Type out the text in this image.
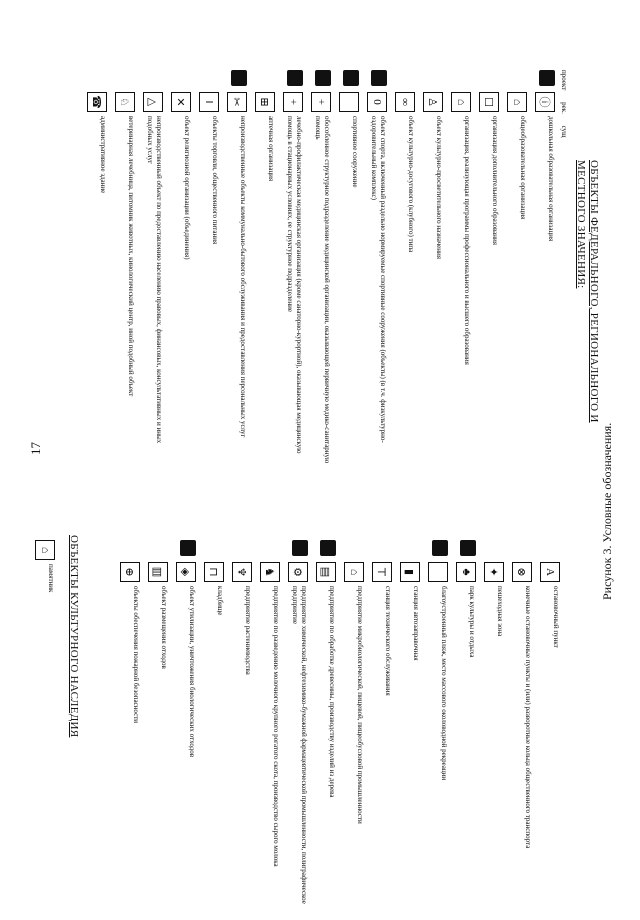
17	Рисунок 3. Условные обозначения.
ОБЪЕКТЫ ФЕДЕРАЛЬНОГО, РЕГИОНАЛЬНОГО И МЕСТНОГО ЗНАЧЕНИЯ:
проект рек. сущ
ⓘ
дошкольная образовательная организация
⌂
общеобразовательная организация
☐
организация дополнительного образования
⌂
организация, реализующая программы профессионального и высшего образования
♙
объект культурно-просветительного назначения
∞
объект культурно-досугового (клубного) типа
0
объект спорта, включенный раздельно нормируемые спортивные сооружения (объекты) (в т.ч. физкультурно-оздоровительный комплекс)
спортивное сооружение
+
обособленное структурное подразделение медицинской организации, оказывающей первичную медико-санитарную помощь
+
лечебно-профилактическая медицинская организация (кроме санаторно-курортной), оказывающая медицинскую помощь в стационарных условиях, ее структурное подразделение
⊞
аптечная организация
✂
непроизводственные объекты коммунально-бытового обслуживания и предоставления персональных услуг
‖
объекты торговли, общественного питания
✕
объект религиозной организации (объединения)
△
непроизводственный объект по предоставлению населению правовых, финансовых, консультативных и иных подобных услуг
♘
ветеринарная лечебница, питомник животных, кинологический центр, иной подобный объект
☎
административное здание
A
остановочный пункт
⊗
конечные остановочные пункты и (или) разворотные кольца общественного транспорта
✦
пешеходная зона
♣
парк культуры и отдыха
благоустроенный пляж, место массового околоводной рекреации
▮
станция автозаправочная
⊤
станция технического обслуживания
⌂
предприятие микробиологической, пищевой, пищеобусловой промышленности
▤
предприятие по обработке древесины, производству изделий из дерева
⚙
предприятие химической, нефтехимико-бумажной фармацевтической промышленности, полиграфическое предприятие
♞
предприятие по разведению молочного крупного рогатого скота, производство сырого молока
♆
предприятие растениеводства
⊓
кладбище
◈
объект утилизации, уничтожения биологических отходов
▥
объект размещения отходов
⊕
объекты обеспечения пожарной безопасности
ОБЪЕКТЫ КУЛЬТУРНОГО НАСЛЕДИЯ
⌂
памятник
